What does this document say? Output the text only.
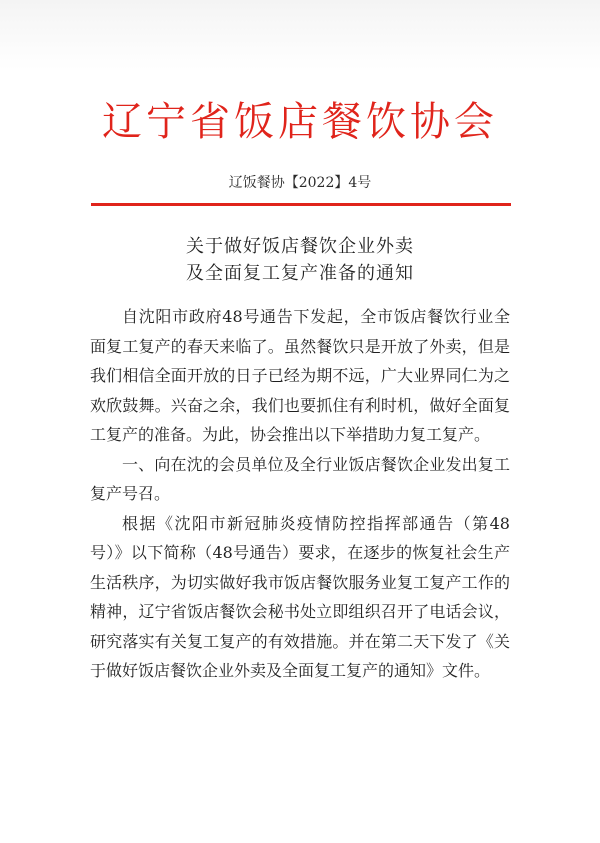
辽宁省饭店餐饮协会
辽饭餐协【2022】4号
关于做好饭店餐饮企业外卖
及全面复工复产准备的通知

自沈阳市政府48号通告下发起，全市饭店餐饮行业全面复工复产的春天来临了。虽然餐饮只是开放了外卖，但是我们相信全面开放的日子已经为期不远，广大业界同仁为之欢欣鼓舞。兴奋之余，我们也要抓住有利时机，做好全面复工复产的准备。为此，协会推出以下举措助力复工复产。

一、向在沈的会员单位及全行业饭店餐饮企业发出复工复产号召。

根据《沈阳市新冠肺炎疫情防控指挥部通告（第48号）》以下简称（48号通告）要求，在逐步的恢复社会生产生活秩序，为切实做好我市饭店餐饮服务业复工复产工作的精神，辽宁省饭店餐饮会秘书处立即组织召开了电话会议，研究落实有关复工复产的有效措施。并在第二天下发了《关于做好饭店餐饮企业外卖及全面复工复产的通知》文件。
